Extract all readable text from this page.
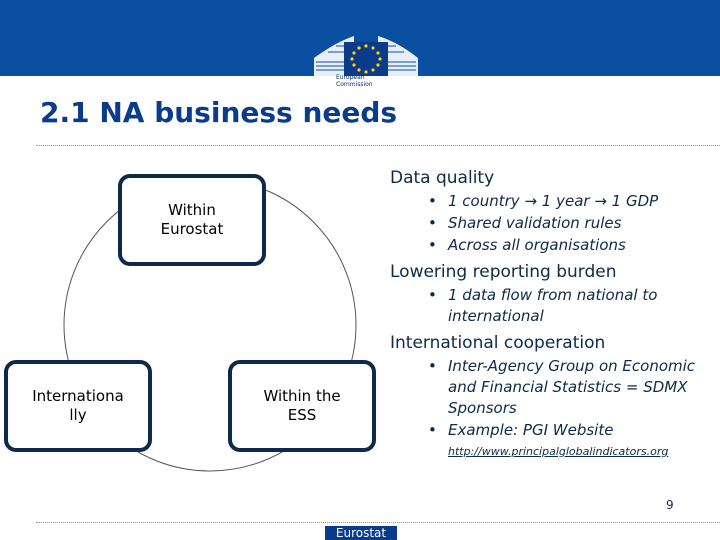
European
Commission
2.1 NA business needs
Within
Eurostat
Internationa
lly
Within the
ESS
Data quality
• 1 country → 1 year → 1 GDP
• Shared validation rules
• Across all organisations
Lowering reporting burden
• 1 data flow from national to international
International cooperation
• Inter-Agency Group on Economic and Financial Statistics = SDMX Sponsors
• Example: PGI Website
http://www.principalglobalindicators.org
9
Eurostat
